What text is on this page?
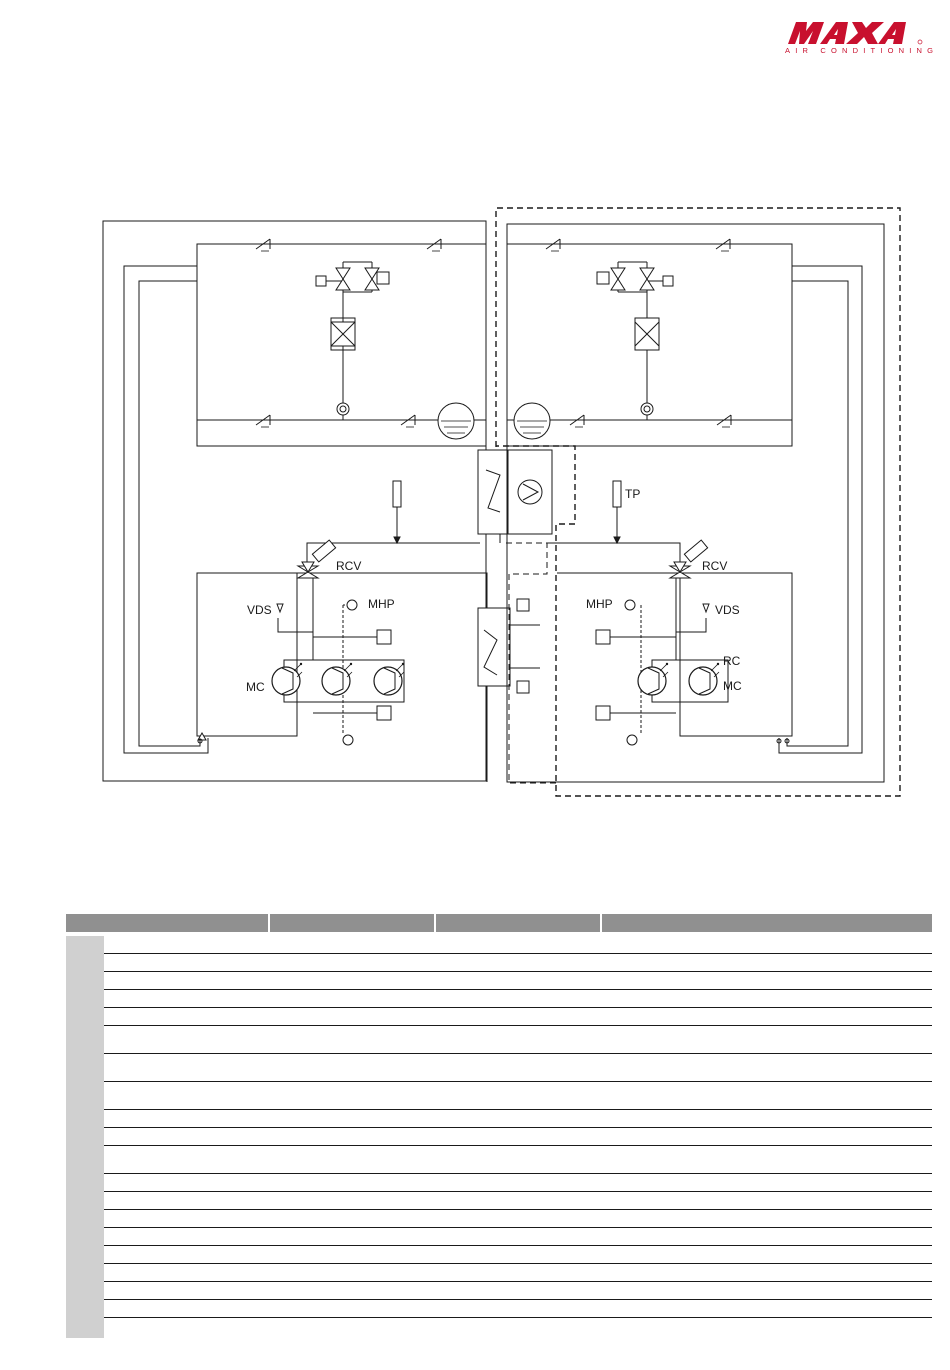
AIR CONDITIONING
RCV	RCV
VDS	VDS
MHP	MHP
MC	MC
RC
TP
